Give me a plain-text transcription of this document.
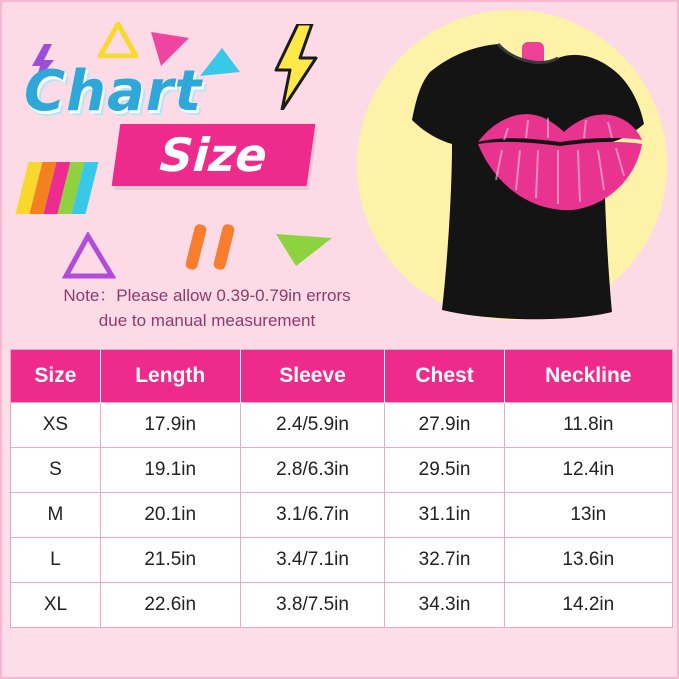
Chart
Size
Note：Please allow 0.39-0.79in errors
due to manual measurement
Size	Length	Sleeve	Chest	Neckline
XS	17.9in	2.4/5.9in	27.9in	11.8in
S	19.1in	2.8/6.3in	29.5in	12.4in
M	20.1in	3.1/6.7in	31.1in	13in
L	21.5in	3.4/7.1in	32.7in	13.6in
XL	22.6in	3.8/7.5in	34.3in	14.2in
